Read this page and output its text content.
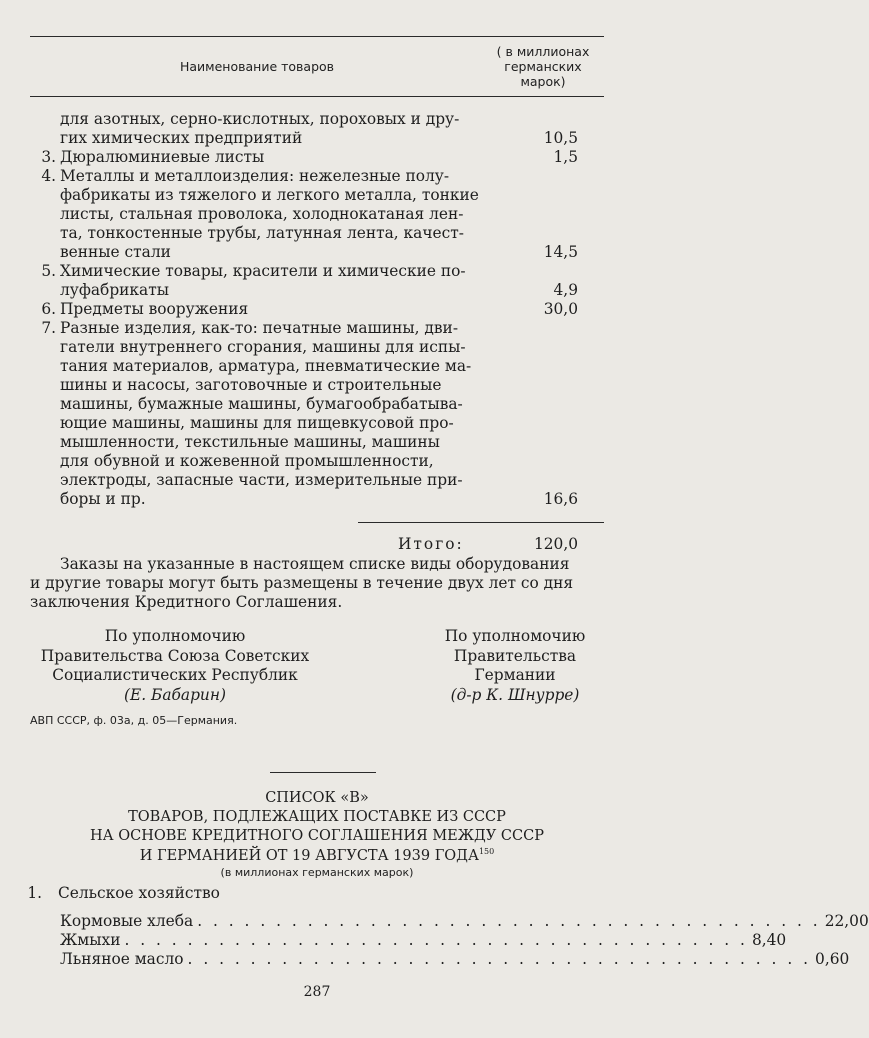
Наименование товаров
( в миллионах
германских
марок)
для азотных, серно-кислотных, пороховых и дру-
гих химических предприятий	10,5
3. Дюралюминиевые листы	1,5
4. Металлы и металлоизделия: нежелезные полу-
фабрикаты из тяжелого и легкого металла, тонкие
листы, стальная проволока, холоднокатаная лен-
та, тонкостенные трубы, латунная лента, качест-
венные стали	14,5
5. Химические товары, красители и химические по-
луфабрикаты	4,9
6. Предметы вооружения	30,0
7. Разные изделия, как-то: печатные машины, дви-
гатели внутреннего сгорания, машины для испы-
тания материалов, арматура, пневматические ма-
шины и насосы, заготовочные и строительные
машины, бумажные машины, бумагообрабатыва-
ющие машины, машины для пищевкусовой про-
мышленности, текстильные машины, машины
для обувной и кожевенной промышленности,
электроды, запасные части, измерительные при-
боры и пр.	16,6
Итого:	120,0
Заказы на указанные в настоящем списке виды оборудования
и другие товары могут быть размещены в течение двух лет со дня
заключения Кредитного Соглашения.
По уполномочию
Правительства Союза Советских
Социалистических Республик
(Е. Бабарин)
По уполномочию
Правительства
Германии
(д-р К. Шнурре)
АВП СССР, ф. 03а, д. 05—Германия.
СПИСОК «В»
ТОВАРОВ, ПОДЛЕЖАЩИХ ПОСТАВКЕ ИЗ СССР
НА ОСНОВЕ КРЕДИТНОГО СОГЛАШЕНИЯ МЕЖДУ СССР
И ГЕРМАНИЕЙ ОТ 19 АВГУСТА 1939 ГОДА$^{150}$
(в миллионах германских марок)
1. Сельское хозяйство
Кормовые хлеба . . . . . . . . . . . . . . . . . . . . . . . . . . . . . . . . . . . . . . . . 22,00
Жмыхи . . . . . . . . . . . . . . . . . . . . . . . . . . . . . . . . . . . . . . . . 8,40
Льняное масло . . . . . . . . . . . . . . . . . . . . . . . . . . . . . . . . . . . . . . . . 0,60
287
